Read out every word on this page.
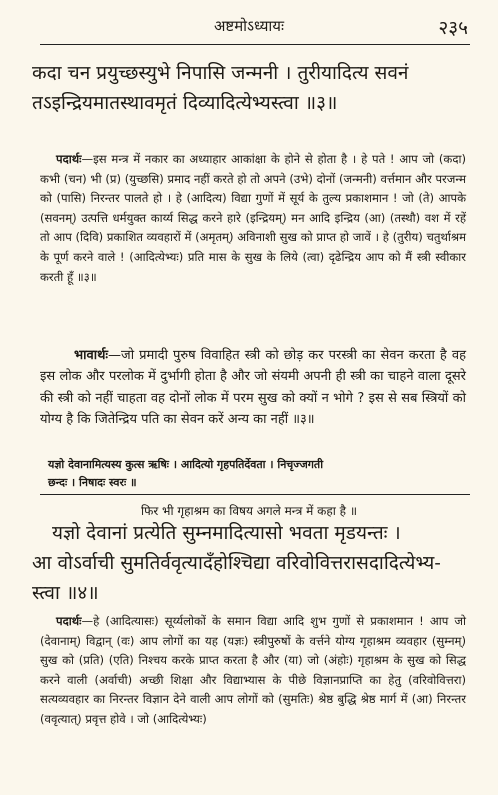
अष्टमोऽध्यायः	२३५
कदा चन प्रयुच्छस्युभे निपासि जन्मनी । तुरीयादित्य सवनं
तऽइन्द्रियमातस्थावमृतं दिव्यादित्येभ्यस्त्वा ॥३॥
पदार्थः—इस मन्त्र में नकार का अध्याहार आकांक्षा के होने से होता है । हे पते ! आप जो (कदा) कभी (चन) भी (प्र) (युच्छसि) प्रमाद नहीं करते हो तो अपने (उभे) दोनों (जन्मनी) वर्त्तमान और परजन्म को (पासि) निरन्तर पालते हो । हे (आदित्य) विद्या गुणों में सूर्य के तुल्य प्रकाशमान ! जो (ते) आपके (सवनम्) उत्पत्ति धर्मयुक्त कार्य्य सिद्ध करने हारे (इन्द्रियम्) मन आदि इन्द्रिय (आ) (तस्थौ) वश में रहें तो आप (दिवि) प्रकाशित व्यवहारों में (अमृतम्) अविनाशी सुख को प्राप्त हो जावें । हे (तुरीय) चतुर्थाश्रम के पूर्ण करने वाले ! (आदित्येभ्यः) प्रति मास के सुख के लिये (त्वा) दृढेन्द्रिय आप को मैं स्त्री स्वीकार करती हूँ ॥३॥
भावार्थः—जो प्रमादी पुरुष विवाहित स्त्री को छोड़ कर परस्त्री का सेवन करता है वह इस लोक और परलोक में दुर्भागी होता है और जो संयमी अपनी ही स्त्री का चाहने वाला दूसरे की स्त्री को नहीं चाहता वह दोनों लोक में परम सुख को क्यों न भोगे ? इस से सब स्त्रियों को योग्य है कि जितेन्द्रिय पति का सेवन करें अन्य का नहीं ॥३॥
यज्ञो देवानामित्यस्य कुत्स ऋषिः । आदित्यो गृहपतिर्देवता । निचृज्जगती
छन्दः । निषादः स्वरः ॥
फिर भी गृहाश्रम का विषय अगले मन्त्र में कहा है ॥
यज्ञो देवानां प्रत्येति सुम्नमादित्यासो भवता मृडयन्तः ।
आ वोऽर्वाची सुमतिर्ववृत्यादँहोश्चिद्या वरिवोवित्तरासदादित्येभ्य-
स्त्वा ॥४॥
पदार्थः—हे (आदित्यासः) सूर्य्यलोकों के समान विद्या आदि शुभ गुणों से प्रकाशमान ! आप जो (देवानाम्) विद्वान् (वः) आप लोगों का यह (यज्ञः) स्त्रीपुरुषों के वर्त्तने योग्य गृहाश्रम व्यवहार (सुम्नम्) सुख को (प्रति) (एति) निश्चय करके प्राप्त करता है और (या) जो (अंहोः) गृहाश्रम के सुख को सिद्ध करने वाली (अर्वाची) अच्छी शिक्षा और विद्याभ्यास के पीछे विज्ञानप्राप्ति का हेतु (वरिवोवित्तरा) सत्यव्यवहार का निरन्तर विज्ञान देने वाली आप लोगों को (सुमतिः) श्रेष्ठ बुद्धि श्रेष्ठ मार्ग में (आ) निरन्तर (ववृत्यात्) प्रवृत्त होवे । जो (आदित्येभ्यः)
